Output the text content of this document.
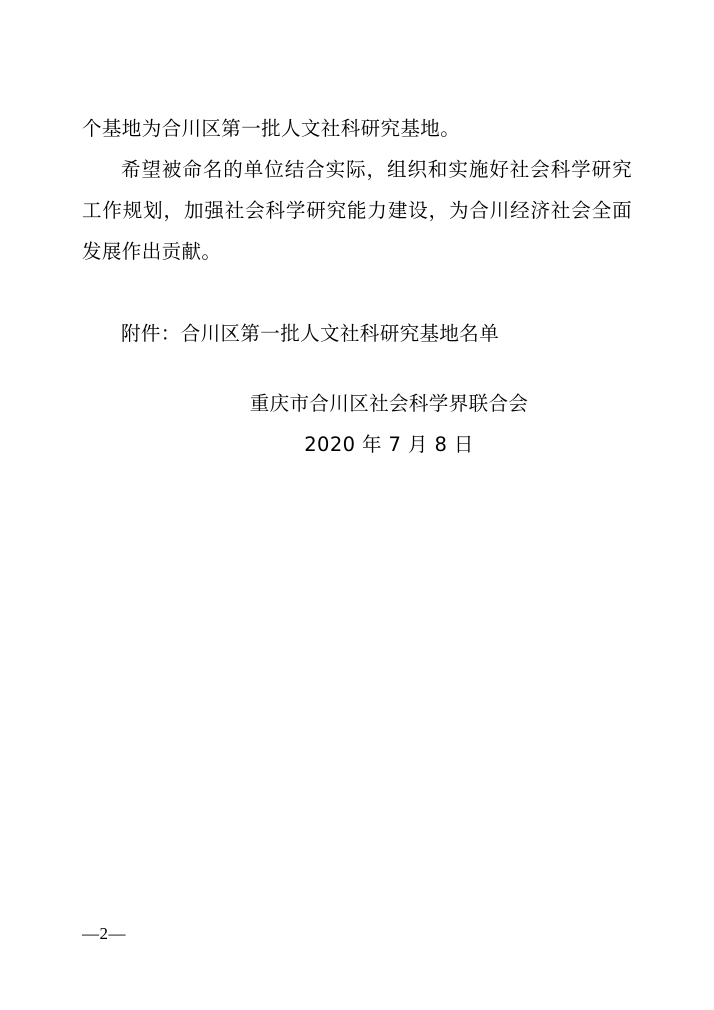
个基地为合川区第一批人文社科研究基地。

希望被命名的单位结合实际，组织和实施好社会科学研究工作规划，加强社会科学研究能力建设，为合川经济社会全面发展作出贡献。

附件：合川区第一批人文社科研究基地名单

重庆市合川区社会科学界联合会
2020 年 7 月 8 日
—2—
